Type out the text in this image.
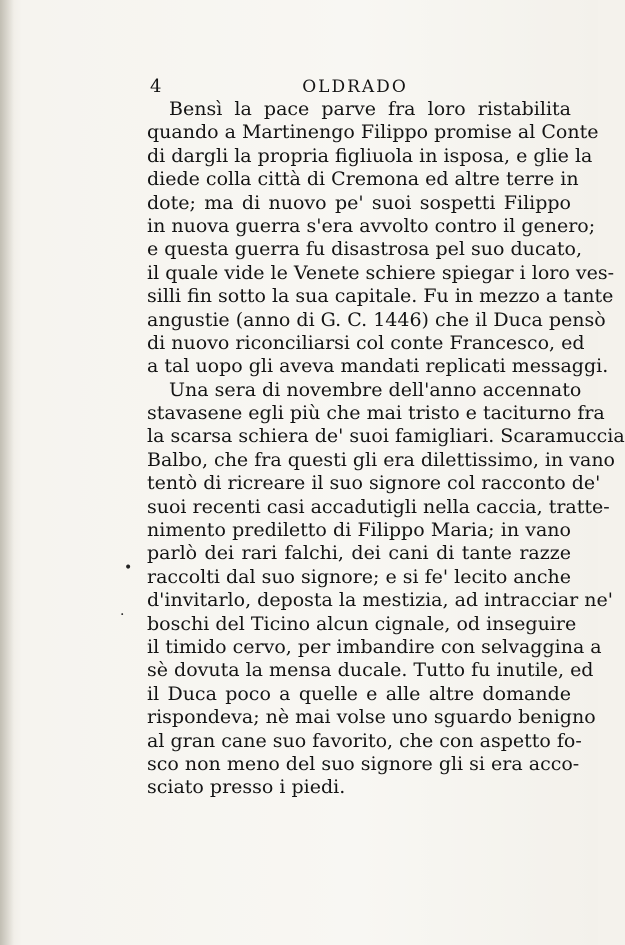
4	OLDRADO
Bensì la pace parve fra loro ristabilita
quando a Martinengo Filippo promise al Conte
di dargli la propria figliuola in isposa, e glie la
diede colla città di Cremona ed altre terre in
dote; ma di nuovo pe' suoi sospetti Filippo
in nuova guerra s'era avvolto contro il genero;
e questa guerra fu disastrosa pel suo ducato,
il quale vide le Venete schiere spiegar i loro ves-
silli fin sotto la sua capitale. Fu in mezzo a tante
angustie (anno di G. C. 1446) che il Duca pensò
di nuovo riconciliarsi col conte Francesco, ed
a tal uopo gli aveva mandati replicati messaggi.
Una sera di novembre dell'anno accennato
stavasene egli più che mai tristo e taciturno fra
la scarsa schiera de' suoi famigliari. Scaramuccia
Balbo, che fra questi gli era dilettissimo, in vano
tentò di ricreare il suo signore col racconto de'
suoi recenti casi accadutigli nella caccia, tratte-
nimento prediletto di Filippo Maria; in vano
parlò dei rari falchi, dei cani di tante razze
raccolti dal suo signore; e si fe' lecito anche
d'invitarlo, deposta la mestizia, ad intracciar ne'
boschi del Ticino alcun cignale, od inseguire
il timido cervo, per imbandire con selvaggina a
sè dovuta la mensa ducale. Tutto fu inutile, ed
il Duca poco a quelle e alle altre domande
rispondeva; nè mai volse uno sguardo benigno
al gran cane suo favorito, che con aspetto fo-
sco non meno del suo signore gli si era acco-
sciato presso i piedi.
•
·
